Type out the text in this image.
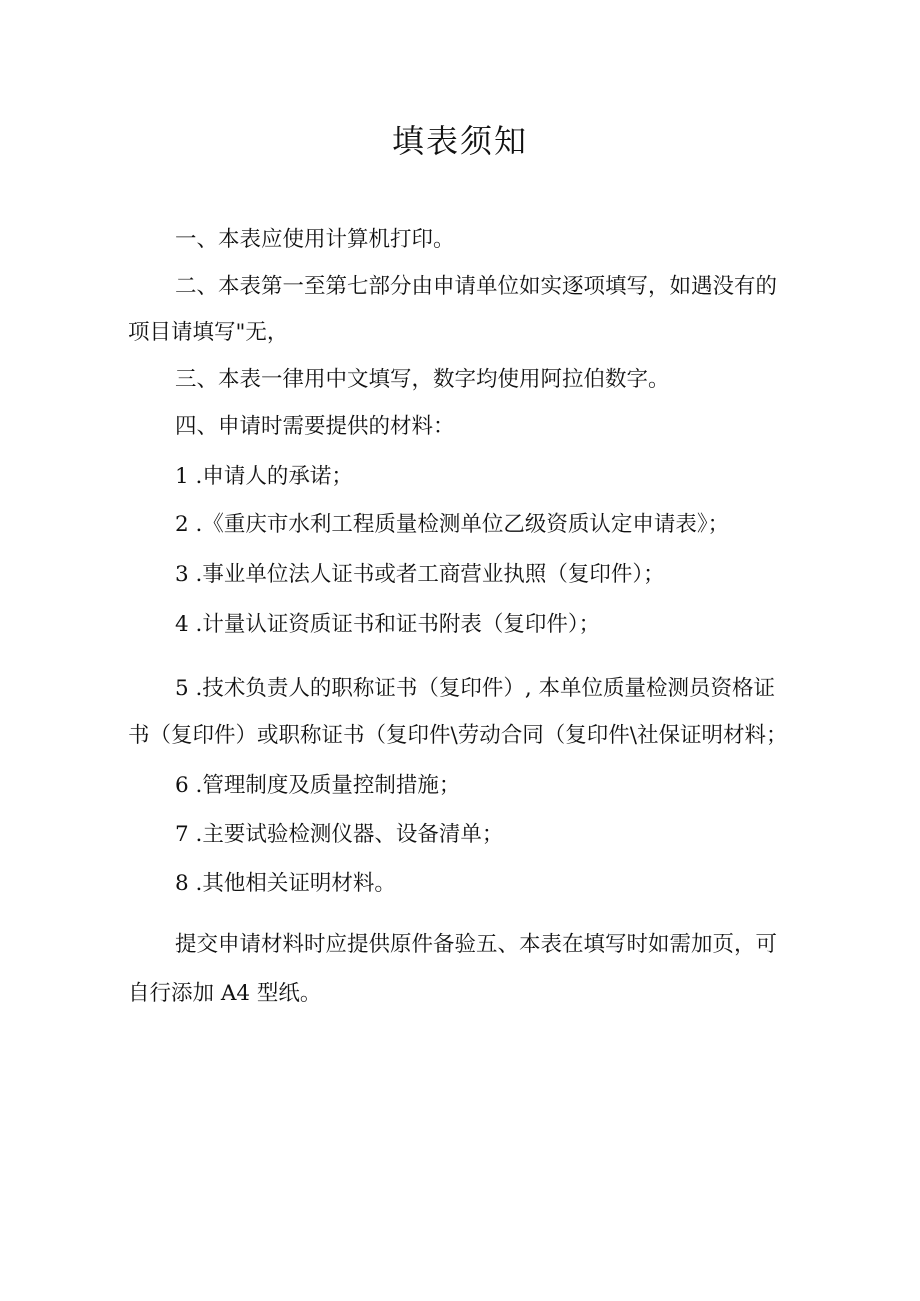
填表须知
一、本表应使用计算机打印。
二、本表第一至第七部分由申请单位如实逐项填写，如遇没有的
项目请填写"无，
三、本表一律用中文填写，数字均使用阿拉伯数字。
四、申请时需要提供的材料：
1 .申请人的承诺；
2 .《重庆市水利工程质量检测单位乙级资质认定申请表》；
3 .事业单位法人证书或者工商营业执照（复印件）；
4 .计量认证资质证书和证书附表（复印件）；
5 .技术负责人的职称证书（复印件）, 本单位质量检测员资格证
书（复印件）或职称证书（复印件\劳动合同（复印件\社保证明材料；
6 .管理制度及质量控制措施；
7 .主要试验检测仪器、设备清单；
8 .其他相关证明材料。
提交申请材料时应提供原件备验五、本表在填写时如需加页，可
自行添加 A4 型纸。
